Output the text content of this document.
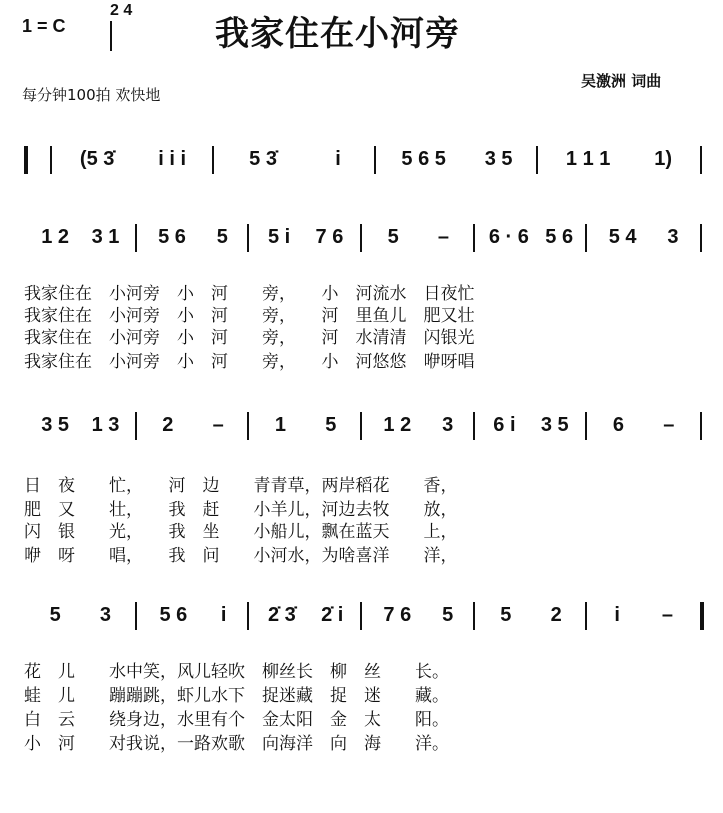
1 = C
2 4
我家住在小河旁
每分钟100拍 欢快地
吴激洲 词曲
(5 3̇ i i i	5 3̇	i	5 6 5 3 5	1 1 1 1)
1 2 3 1 5 6 5 5 i 7 6 5 – 6 · 6 5 6 5 4 3
3 5 1 3 2 –	1 5 1 2 3 6 i 3 5 6 –
5 3 5 6 i 2̇ 3̇ 2̇ i 7 6 5 5 2	i –
我家住在　小河旁　小　河　　旁，　　小　河流水　日夜忙
我家住在　小河旁　小　河　　旁，　　河　里鱼儿　肥又壮
我家住在　小河旁　小　河　　旁，　　河　水清清　闪银光
我家住在　小河旁　小　河　　旁，　　小　河悠悠　咿呀唱
日　夜　　忙，　　河　边　　青青草，两岸稻花　　香，
肥　又　　壮，　　我　赶　　小羊儿，河边去牧　　放，
闪　银　　光，　　我　坐　　小船儿，飘在蓝天　　上，
咿　呀　　唱，　　我　问　　小河水，为啥喜洋　　洋，
花　儿　　水中笑，风儿轻吹　柳丝长　柳　丝　　长。
蛙　儿　　蹦蹦跳，虾儿水下　捉迷藏　捉　迷　　藏。
白　云　　绕身边，水里有个　金太阳　金　太　　阳。
小　河　　对我说，一路欢歌　向海洋　向　海　　洋。
